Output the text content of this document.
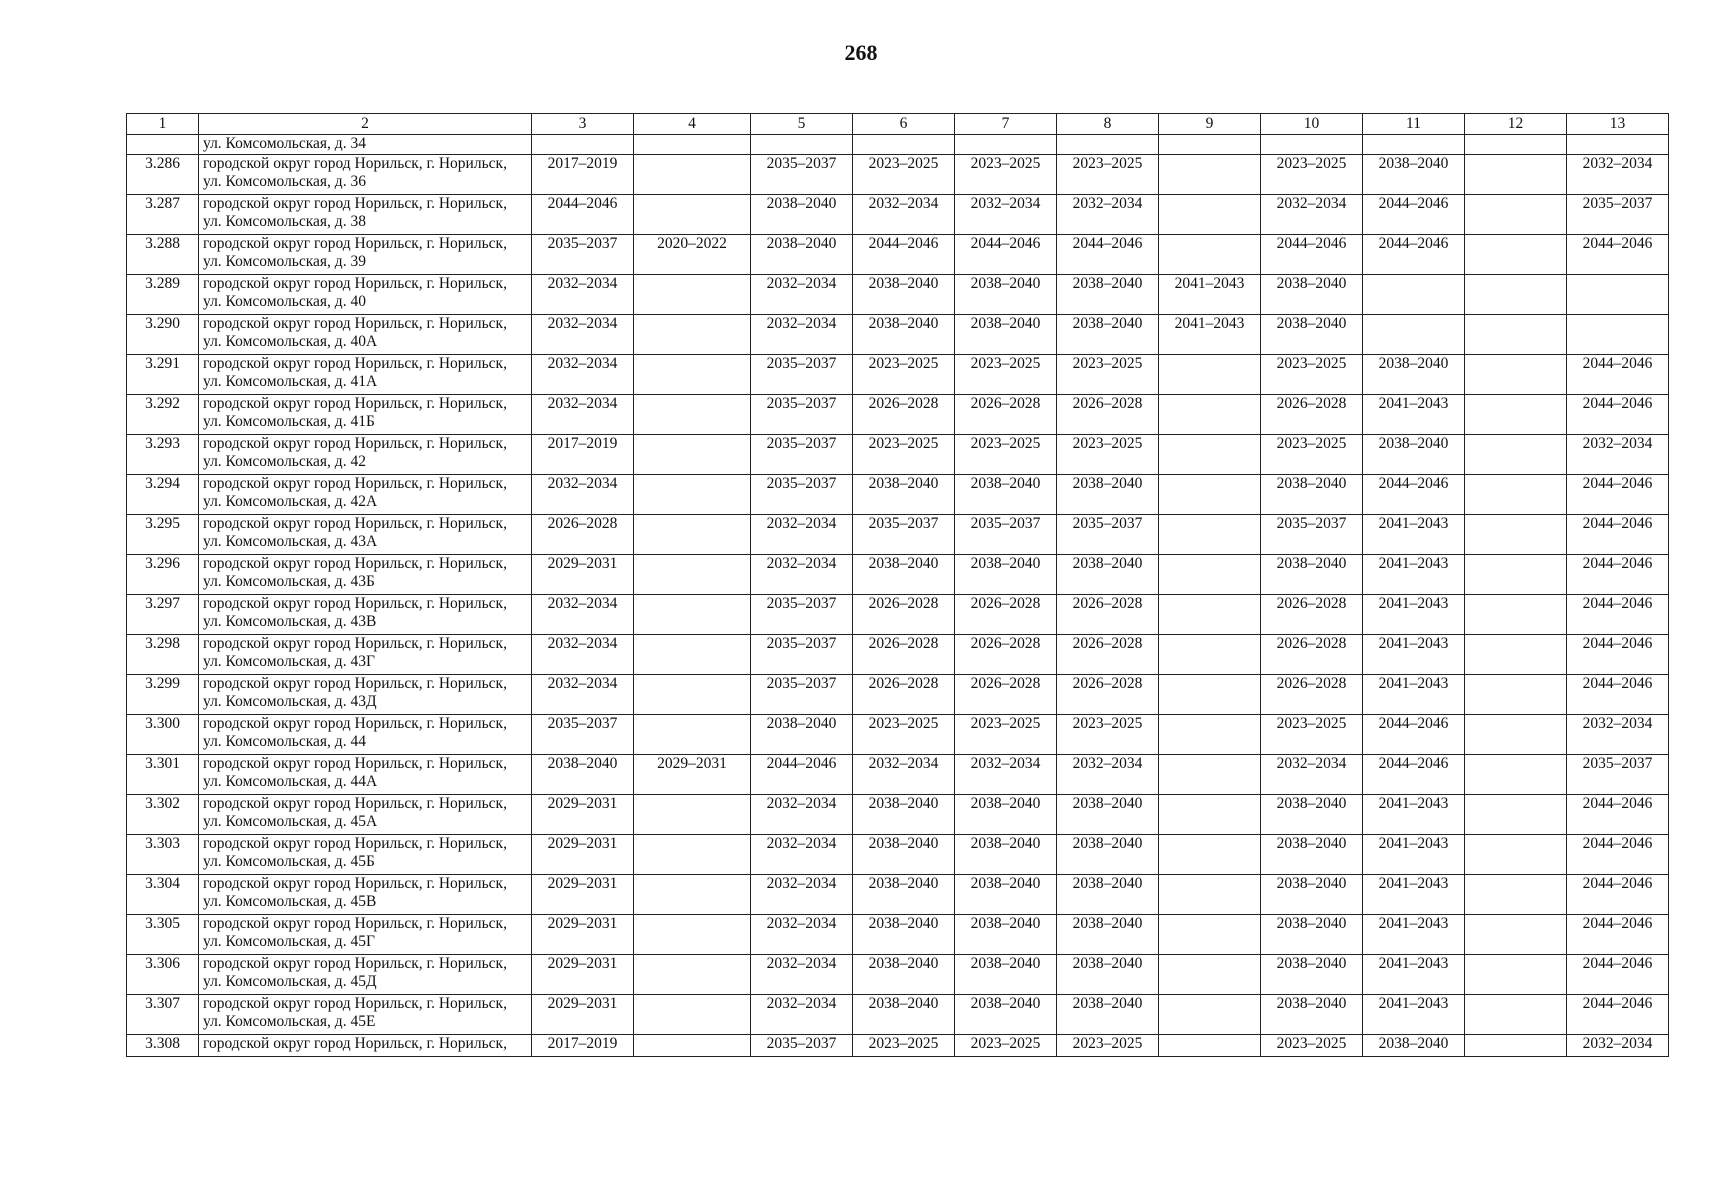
268
1	2	3	4	5	6	7	8	9	10	11	12	13
	ул. Комсомольская, д. 34											
3.286	городской округ город Норильск, г. Норильск,
ул. Комсомольская, д. 36	2017–2019		2035–2037	2023–2025	2023–2025	2023–2025		2023–2025	2038–2040		2032–2034
3.287	городской округ город Норильск, г. Норильск,
ул. Комсомольская, д. 38	2044–2046		2038–2040	2032–2034	2032–2034	2032–2034		2032–2034	2044–2046		2035–2037
3.288	городской округ город Норильск, г. Норильск,
ул. Комсомольская, д. 39	2035–2037	2020–2022	2038–2040	2044–2046	2044–2046	2044–2046		2044–2046	2044–2046		2044–2046
3.289	городской округ город Норильск, г. Норильск,
ул. Комсомольская, д. 40	2032–2034		2032–2034	2038–2040	2038–2040	2038–2040	2041–2043	2038–2040			
3.290	городской округ город Норильск, г. Норильск,
ул. Комсомольская, д. 40А	2032–2034		2032–2034	2038–2040	2038–2040	2038–2040	2041–2043	2038–2040			
3.291	городской округ город Норильск, г. Норильск,
ул. Комсомольская, д. 41А	2032–2034		2035–2037	2023–2025	2023–2025	2023–2025		2023–2025	2038–2040		2044–2046
3.292	городской округ город Норильск, г. Норильск,
ул. Комсомольская, д. 41Б	2032–2034		2035–2037	2026–2028	2026–2028	2026–2028		2026–2028	2041–2043		2044–2046
3.293	городской округ город Норильск, г. Норильск,
ул. Комсомольская, д. 42	2017–2019		2035–2037	2023–2025	2023–2025	2023–2025		2023–2025	2038–2040		2032–2034
3.294	городской округ город Норильск, г. Норильск,
ул. Комсомольская, д. 42А	2032–2034		2035–2037	2038–2040	2038–2040	2038–2040		2038–2040	2044–2046		2044–2046
3.295	городской округ город Норильск, г. Норильск,
ул. Комсомольская, д. 43А	2026–2028		2032–2034	2035–2037	2035–2037	2035–2037		2035–2037	2041–2043		2044–2046
3.296	городской округ город Норильск, г. Норильск,
ул. Комсомольская, д. 43Б	2029–2031		2032–2034	2038–2040	2038–2040	2038–2040		2038–2040	2041–2043		2044–2046
3.297	городской округ город Норильск, г. Норильск,
ул. Комсомольская, д. 43В	2032–2034		2035–2037	2026–2028	2026–2028	2026–2028		2026–2028	2041–2043		2044–2046
3.298	городской округ город Норильск, г. Норильск,
ул. Комсомольская, д. 43Г	2032–2034		2035–2037	2026–2028	2026–2028	2026–2028		2026–2028	2041–2043		2044–2046
3.299	городской округ город Норильск, г. Норильск,
ул. Комсомольская, д. 43Д	2032–2034		2035–2037	2026–2028	2026–2028	2026–2028		2026–2028	2041–2043		2044–2046
3.300	городской округ город Норильск, г. Норильск,
ул. Комсомольская, д. 44	2035–2037		2038–2040	2023–2025	2023–2025	2023–2025		2023–2025	2044–2046		2032–2034
3.301	городской округ город Норильск, г. Норильск,
ул. Комсомольская, д. 44А	2038–2040	2029–2031	2044–2046	2032–2034	2032–2034	2032–2034		2032–2034	2044–2046		2035–2037
3.302	городской округ город Норильск, г. Норильск,
ул. Комсомольская, д. 45А	2029–2031		2032–2034	2038–2040	2038–2040	2038–2040		2038–2040	2041–2043		2044–2046
3.303	городской округ город Норильск, г. Норильск,
ул. Комсомольская, д. 45Б	2029–2031		2032–2034	2038–2040	2038–2040	2038–2040		2038–2040	2041–2043		2044–2046
3.304	городской округ город Норильск, г. Норильск,
ул. Комсомольская, д. 45В	2029–2031		2032–2034	2038–2040	2038–2040	2038–2040		2038–2040	2041–2043		2044–2046
3.305	городской округ город Норильск, г. Норильск,
ул. Комсомольская, д. 45Г	2029–2031		2032–2034	2038–2040	2038–2040	2038–2040		2038–2040	2041–2043		2044–2046
3.306	городской округ город Норильск, г. Норильск,
ул. Комсомольская, д. 45Д	2029–2031		2032–2034	2038–2040	2038–2040	2038–2040		2038–2040	2041–2043		2044–2046
3.307	городской округ город Норильск, г. Норильск,
ул. Комсомольская, д. 45Е	2029–2031		2032–2034	2038–2040	2038–2040	2038–2040		2038–2040	2041–2043		2044–2046
3.308	городской округ город Норильск, г. Норильск,	2017–2019		2035–2037	2023–2025	2023–2025	2023–2025		2023–2025	2038–2040		2032–2034
